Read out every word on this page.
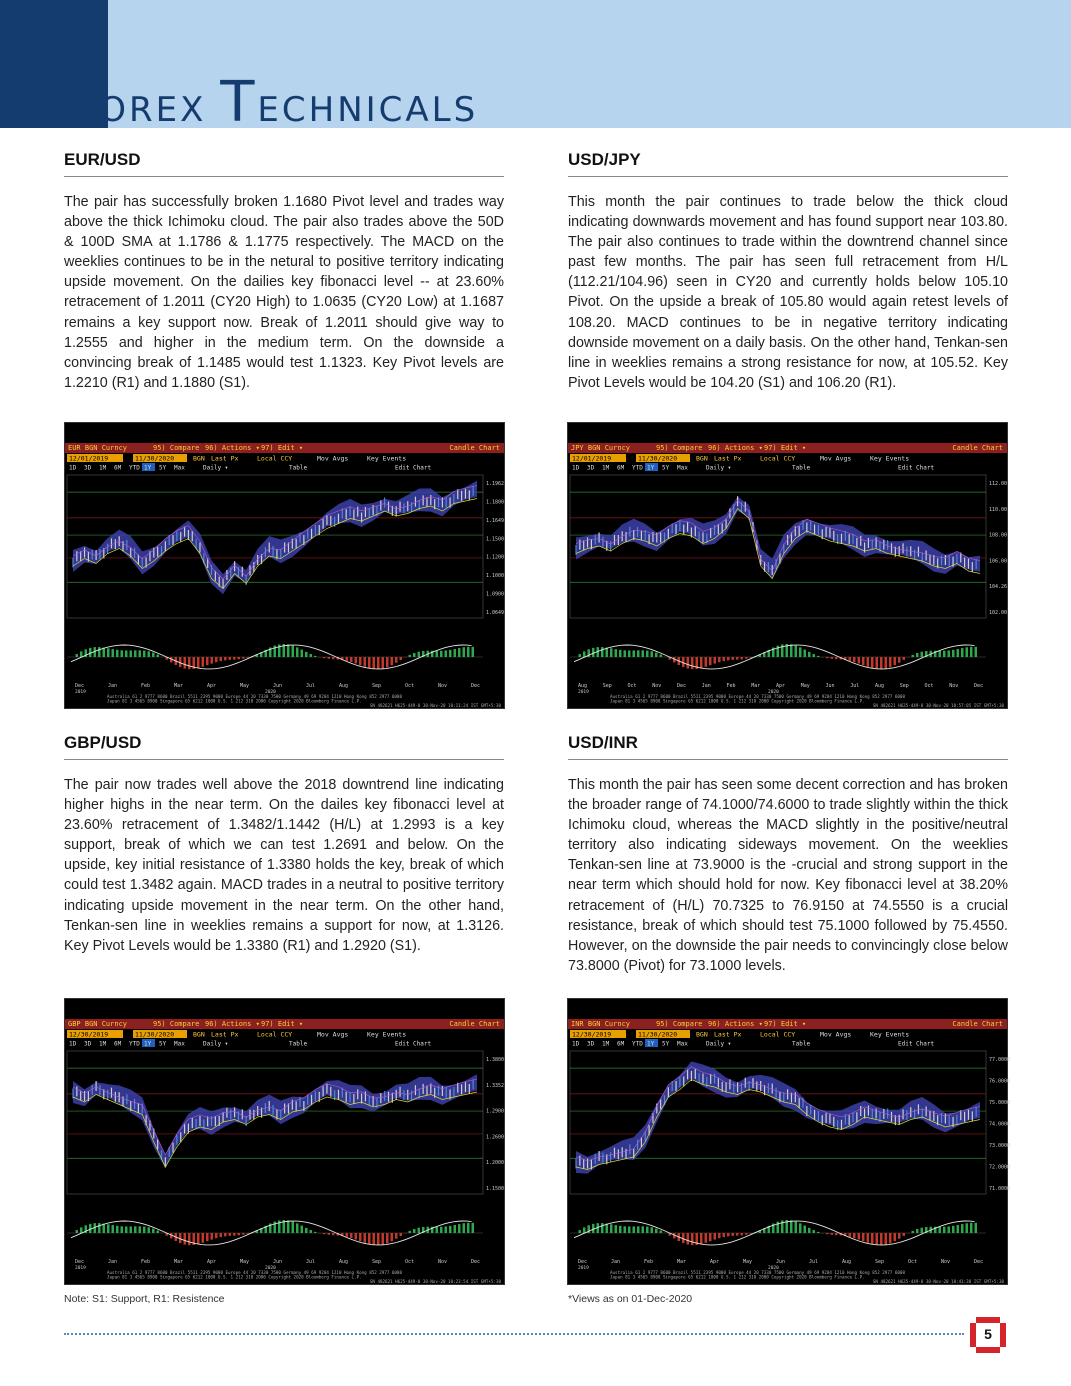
FOREX TECHNICALS
EUR/USD

The pair has successfully broken 1.1680 Pivot level and trades way above the thick Ichimoku cloud. The pair also trades above the 50D & 100D SMA at 1.1786 & 1.1775 respectively. The MACD on the weeklies continues to be in the netural to positive territory indicating upside movement. On the dailies key fibonacci level -- at 23.60% retracement of 1.2011 (CY20 High) to 1.0635 (CY20 Low) at 1.1687 remains a key support now. Break of 1.2011 should give way to 1.2555 and higher in the medium term. On the downside a convincing break of 1.1485 would test 1.1323. Key Pivot levels are 1.2210 (R1) and 1.1880 (S1).

USD/JPY

This month the pair continues to trade below the thick cloud indicating downwards movement and has found support near 103.80. The pair also continues to trade within the downtrend channel since past few months. The pair has seen full retracement from H/L (112.21/104.96) seen in CY20 and currently holds below 105.10 Pivot. On the upside a break of 105.80 would again retest levels of 108.20. MACD continues to be in negative territory indicating downside movement on a daily basis. On the other hand, Tenkan-sen line in weeklies remains a strong resistance for now, at 105.52. Key Pivot Levels would be 104.20 (S1) and 106.20 (R1).

GBP/USD

The pair now trades well above the 2018 downtrend line indicating higher highs in the near term. On the dailes key fibonacci level at 23.60% retracement of 1.3482/1.1442 (H/L) at 1.2993 is a key support, break of which we can test 1.2691 and below. On the upside, key initial resistance of 1.3380 holds the key, break of which could test 1.3482 again. MACD trades in a neutral to positive territory indicating upside movement in the near term. On the other hand, Tenkan-sen line in weeklies remains a support for now, at 1.3126. Key Pivot Levels would be 1.3380 (R1) and 1.2920 (S1).

USD/INR

This month the pair has seen some decent correction and has broken the broader range of 74.1000/74.6000 to trade slightly within the thick Ichimoku cloud, whereas the MACD slightly in the positive/neutral territory also indicating sideways movement. On the weeklies Tenkan-sen line at 73.9000 is the -crucial and strong support in the near term which should hold for now. Key fibonacci level at 38.20% retracement of (H/L) 70.7325 to 76.9150 at 74.5550 is a crucial resistance, break of which should test 75.1000 followed by 75.4550. However, on the downside the pair needs to convincingly close below 73.8000 (Pivot) for 73.1000 levels.

EUR BGN Curncy	95) Compare 96) Actions ▾ 97) Edit ▾	Candle Chart
12/01/2019	11/30/2020	BGN Last Px	Local CCY	Mov Avgs	Key Events
1D 3D 1M 6M YTD 1Y 5Y Max	Daily ▾	Table	Edit Chart
1.1962
1.1800
1.1649
1.1500
1.1200
1.1000
1.0900
1.0649
Dec	Jan	Feb	Mar	Apr	May	Jun	Jul	Aug	Sep	Oct	Nov	Dec
2019	2020
Australia 61 2 9777 8600 Brazil 5511 2395 9000 Europe 44 20 7330 7500 Germany 49 69 9204 1210 Hong Kong 852 2977 6000
Japan 81 3 4565 8900 Singapore 65 6212 1000 U.S. 1 212 318 2000 Copyright 2020 Bloomberg Finance L.P.
SN 482621 H625-449-0 30-Nov-20 10:11:24 IST GMT+5:30
JPY BGN Curncy	95) Compare 96) Actions ▾ 97) Edit ▾	Candle Chart
12/01/2019	11/30/2020	BGN Last Px	Local CCY	Mov Avgs	Key Events
1D 3D 1M 6M YTD 1Y 5Y Max	Daily ▾	Table	Edit Chart
112.00
110.00
108.00
106.00
104.26
102.00
Aug	Sep	Oct	Nov	Dec	Jan	Feb	Mar	Apr	May	Jun	Jul	Aug	Sep	Oct	Nov	Dec
2019	2020
Australia 61 2 9777 8600 Brazil 5511 2395 9000 Europe 44 20 7330 7500 Germany 49 69 9204 1210 Hong Kong 852 2977 6000
Japan 81 3 4565 8900 Singapore 65 6212 1000 U.S. 1 212 318 2000 Copyright 2020 Bloomberg Finance L.P.
SN 482621 H625-449-0 30-Nov-20 10:57:05 IST GMT+5:30
GBP BGN Curncy	95) Compare 96) Actions ▾ 97) Edit ▾	Candle Chart
12/30/2019	11/30/2020	BGN Last Px	Local CCY	Mov Avgs	Key Events
1D 3D 1M 6M YTD 1Y 5Y Max	Daily ▾	Table	Edit Chart
1.3800
1.3352
1.2900
1.2600
1.2000
1.1500
Dec	Jan	Feb	Mar	Apr	May	Jun	Jul	Aug	Sep	Oct	Nov	Dec
2019	2020
Australia 61 2 9777 8600 Brazil 5511 2395 9000 Europe 44 20 7330 7500 Germany 49 69 9204 1210 Hong Kong 852 2977 6000
Japan 81 3 4565 8900 Singapore 65 6212 1000 U.S. 1 212 318 2000 Copyright 2020 Bloomberg Finance L.P.
SN 482621 H625-449-0 30-Nov-20 10:23:54 IST GMT+5:30
INR BGN Curncy	95) Compare 96) Actions ▾ 97) Edit ▾	Candle Chart
12/30/2019	11/30/2020	BGN Last Px	Local CCY	Mov Avgs	Key Events
1D 3D 1M 6M YTD 1Y 5Y Max	Daily ▾	Table	Edit Chart
77.0000
76.0000
75.0000
74.0000
73.0000
72.0000
71.0000
Dec	Jan	Feb	Mar	Apr	May	Jun	Jul	Aug	Sep	Oct	Nov	Dec
2019	2020
Australia 61 2 9777 8600 Brazil 5511 2395 9000 Europe 44 20 7330 7500 Germany 49 69 9204 1210 Hong Kong 852 2977 6000
Japan 81 3 4565 8900 Singapore 65 6212 1000 U.S. 1 212 318 2000 Copyright 2020 Bloomberg Finance L.P.
SN 482621 H625-449-0 30-Nov-20 10:41:38 IST GMT+5:30
Note: S1: Support, R1: Resistence	*Views as on 01-Dec-2020
5
